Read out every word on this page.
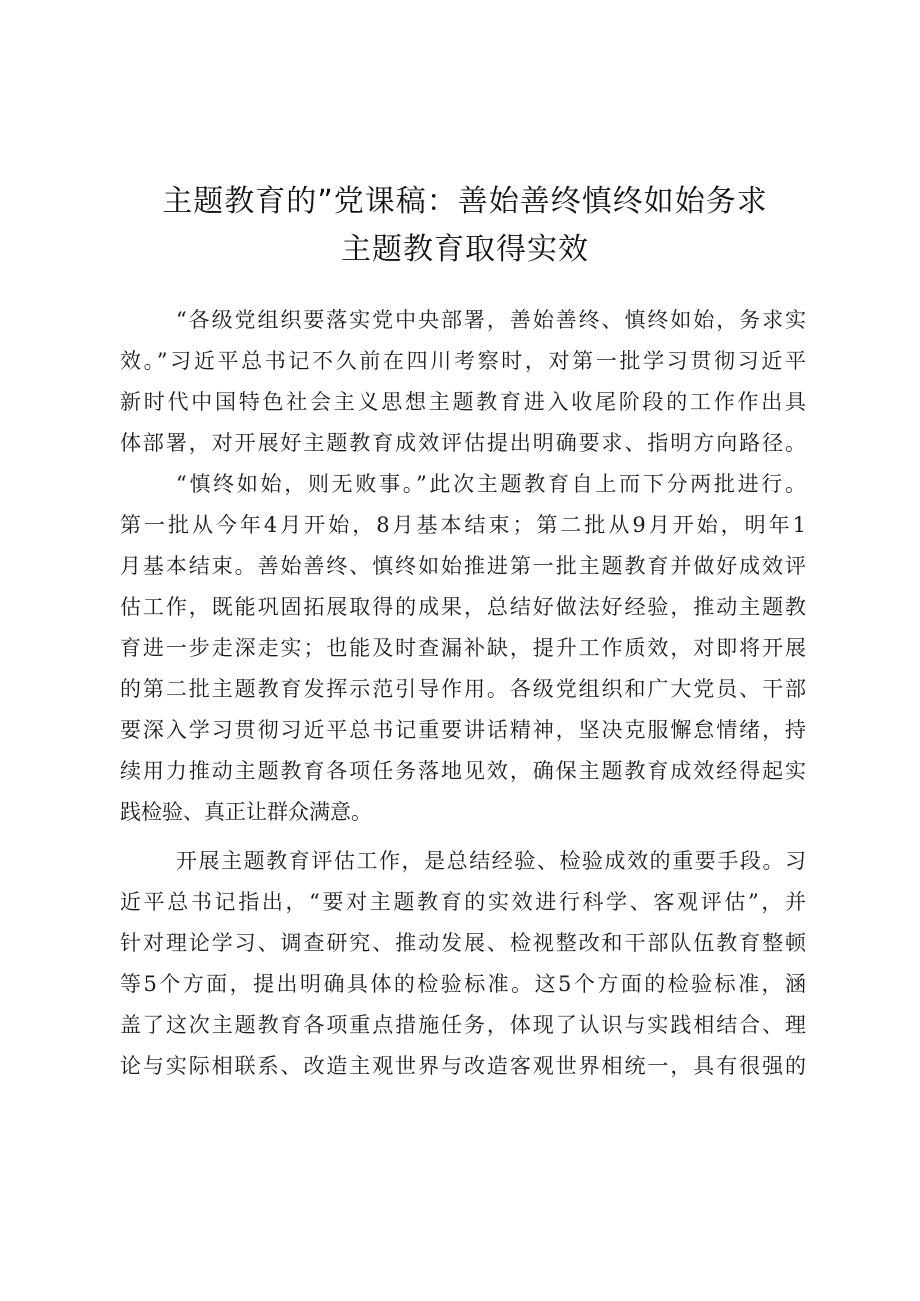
主题教育的”党课稿：善始善终慎终如始务求
主题教育取得实效

“各级党组织要落实党中央部署，善始善终、慎终如始，务求实
效。”习近平总书记不久前在四川考察时，对第一批学习贯彻习近平
新时代中国特色社会主义思想主题教育进入收尾阶段的工作作出具
体部署，对开展好主题教育成效评估提出明确要求、指明方向路径。

“慎终如始，则无败事。”此次主题教育自上而下分两批进行。
第一批从今年4月开始，8月基本结束；第二批从9月开始，明年1
月基本结束。善始善终、慎终如始推进第一批主题教育并做好成效评
估工作，既能巩固拓展取得的成果，总结好做法好经验，推动主题教
育进一步走深走实；也能及时查漏补缺，提升工作质效，对即将开展
的第二批主题教育发挥示范引导作用。各级党组织和广大党员、干部
要深入学习贯彻习近平总书记重要讲话精神，坚决克服懈怠情绪，持
续用力推动主题教育各项任务落地见效，确保主题教育成效经得起实
践检验、真正让群众满意。

开展主题教育评估工作，是总结经验、检验成效的重要手段。习
近平总书记指出，“要对主题教育的实效进行科学、客观评估”，并
针对理论学习、调查研究、推动发展、检视整改和干部队伍教育整顿
等5个方面，提出明确具体的检验标准。这5个方面的检验标准，涵
盖了这次主题教育各项重点措施任务，体现了认识与实践相结合、理
论与实际相联系、改造主观世界与改造客观世界相统一，具有很强的
